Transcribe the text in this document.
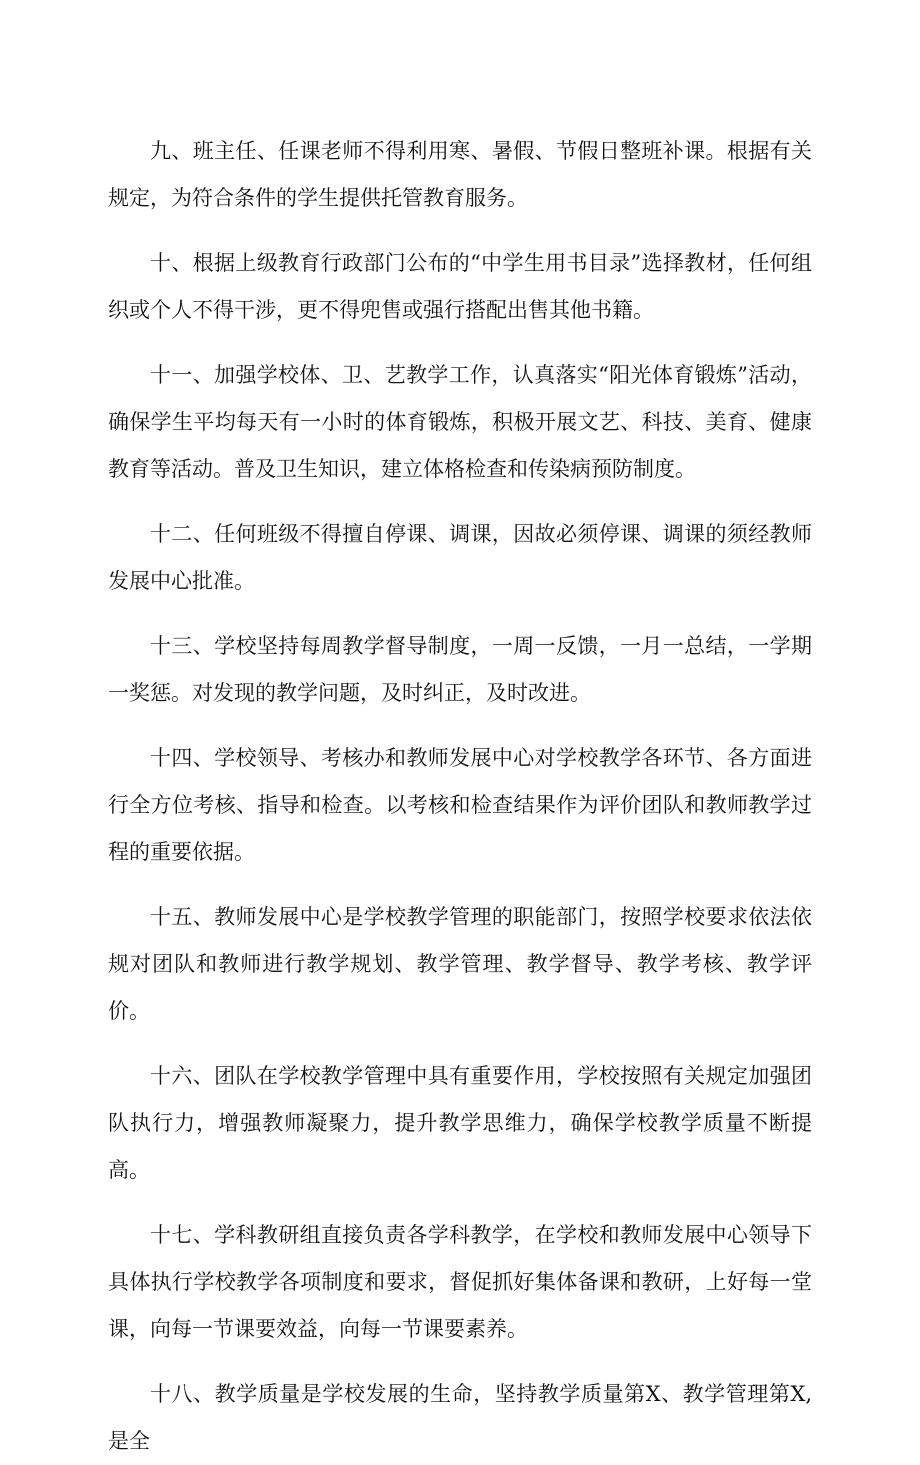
九、班主任、任课老师不得利用寒、暑假、节假日整班补课。根据有关规定，为符合条件的学生提供托管教育服务。

十、根据上级教育行政部门公布的“中学生用书目录”选择教材，任何组织或个人不得干涉，更不得兜售或强行搭配出售其他书籍。

十一、加强学校体、卫、艺教学工作，认真落实“阳光体育锻炼”活动，确保学生平均每天有一小时的体育锻炼，积极开展文艺、科技、美育、健康教育等活动。普及卫生知识，建立体格检查和传染病预防制度。

十二、任何班级不得擅自停课、调课，因故必须停课、调课的须经教师发展中心批准。

十三、学校坚持每周教学督导制度，一周一反馈，一月一总结，一学期一奖惩。对发现的教学问题，及时纠正，及时改进。

十四、学校领导、考核办和教师发展中心对学校教学各环节、各方面进行全方位考核、指导和检查。以考核和检查结果作为评价团队和教师教学过程的重要依据。

十五、教师发展中心是学校教学管理的职能部门，按照学校要求依法依规对团队和教师进行教学规划、教学管理、教学督导、教学考核、教学评价。

十六、团队在学校教学管理中具有重要作用，学校按照有关规定加强团队执行力，增强教师凝聚力，提升教学思维力，确保学校教学质量不断提高。

十七、学科教研组直接负责各学科教学，在学校和教师发展中心领导下具体执行学校教学各项制度和要求，督促抓好集体备课和教研，上好每一堂课，向每一节课要效益，向每一节课要素养。

十八、教学质量是学校发展的生命，坚持教学质量第X、教学管理第X,是全
